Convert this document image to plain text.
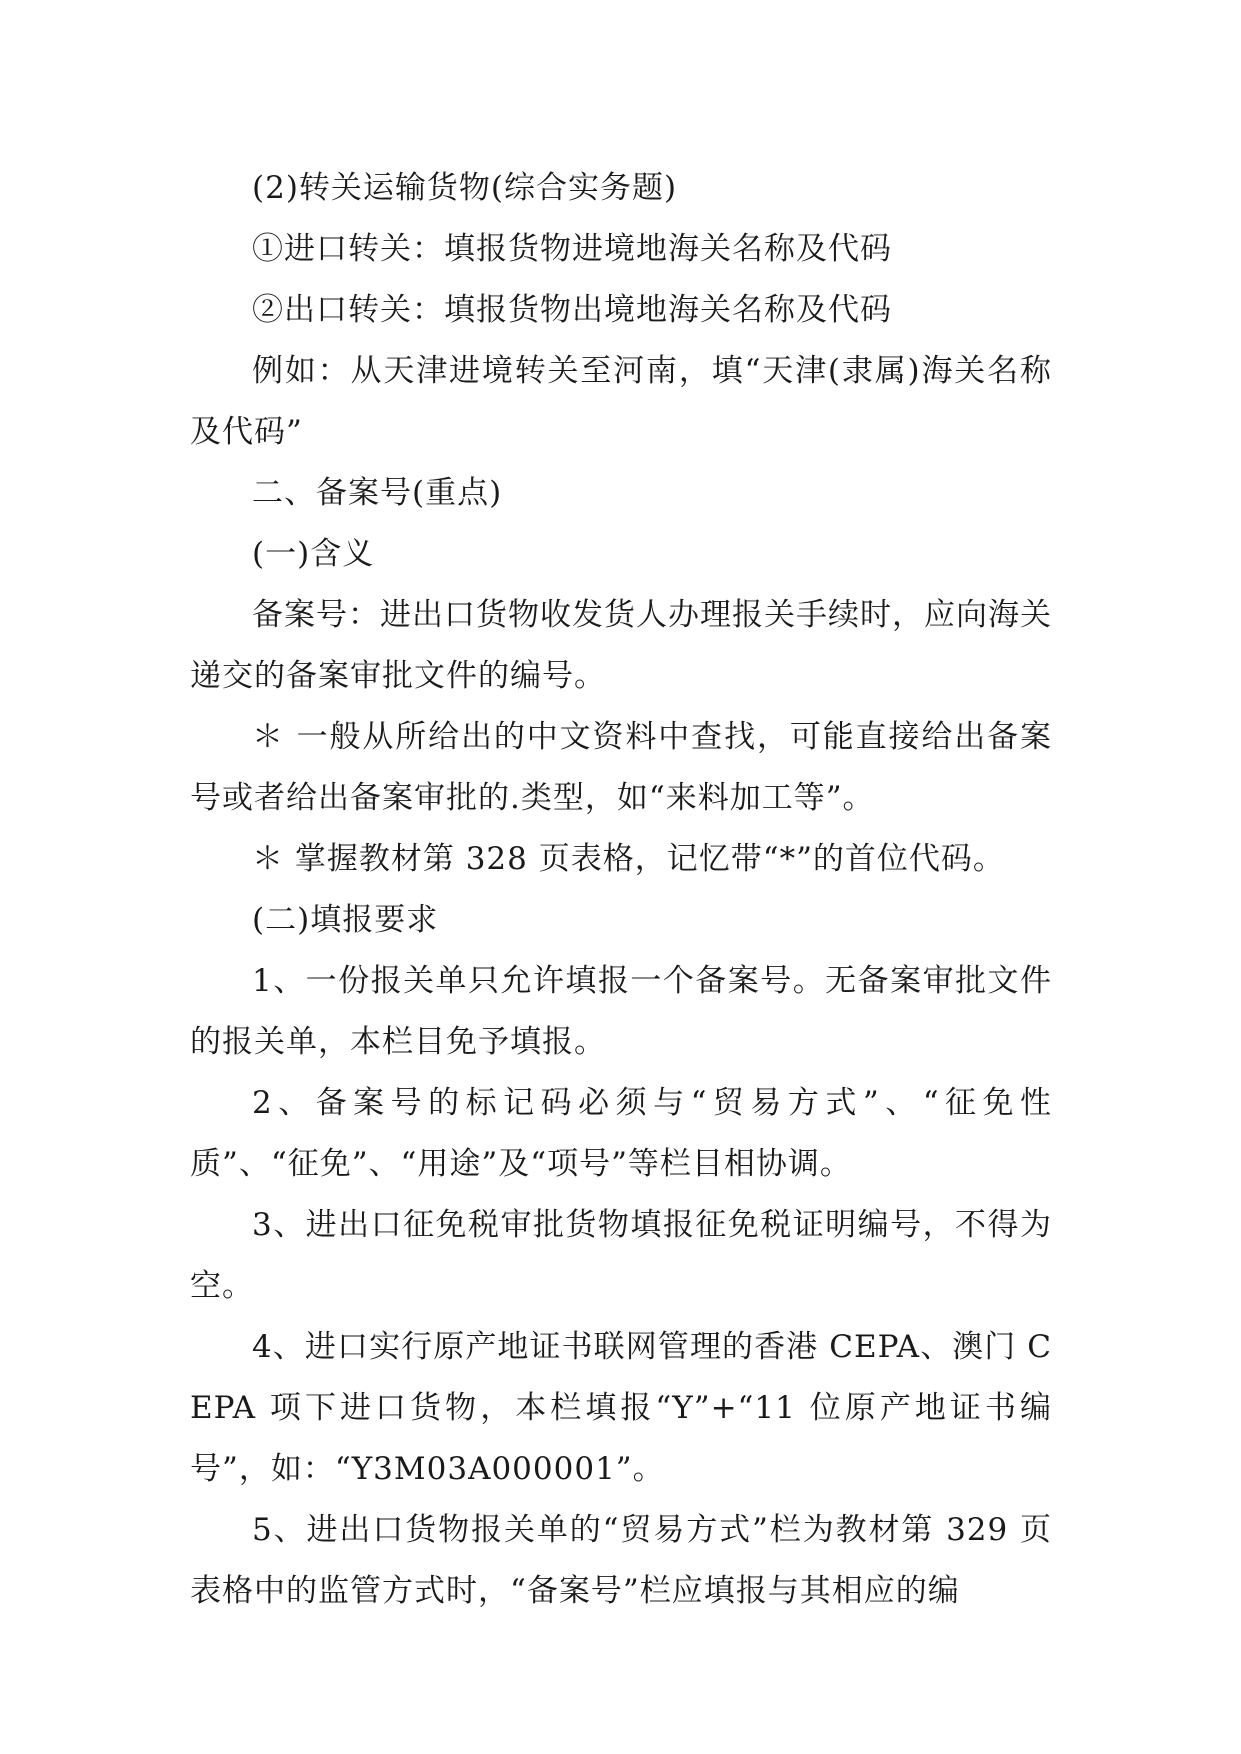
(2)转关运输货物(综合实务题)

①进口转关：填报货物进境地海关名称及代码

②出口转关：填报货物出境地海关名称及代码

例如：从天津进境转关至河南，填“天津(隶属)海关名称及代码”

二、备案号(重点)

(一)含义

备案号：进出口货物收发货人办理报关手续时，应向海关递交的备案审批文件的编号。

＊ 一般从所给出的中文资料中查找，可能直接给出备案号或者给出备案审批的.类型，如“来料加工等”。

＊ 掌握教材第 328 页表格，记忆带“*”的首位代码。

(二)填报要求

1、一份报关单只允许填报一个备案号。无备案审批文件的报关单，本栏目免予填报。

2、备案号的标记码必须与“贸易方式”、“征免性质”、“征免”、“用途”及“项号”等栏目相协调。

3、进出口征免税审批货物填报征免税证明编号，不得为空。

4、进口实行原产地证书联网管理的香港 CEPA、澳门 CEPA 项下进口货物，本栏填报“Y”+“11 位原产地证书编号”，如：“Y3M03A000001”。

5、进出口货物报关单的“贸易方式”栏为教材第 329 页表格中的监管方式时，“备案号”栏应填报与其相应的编
